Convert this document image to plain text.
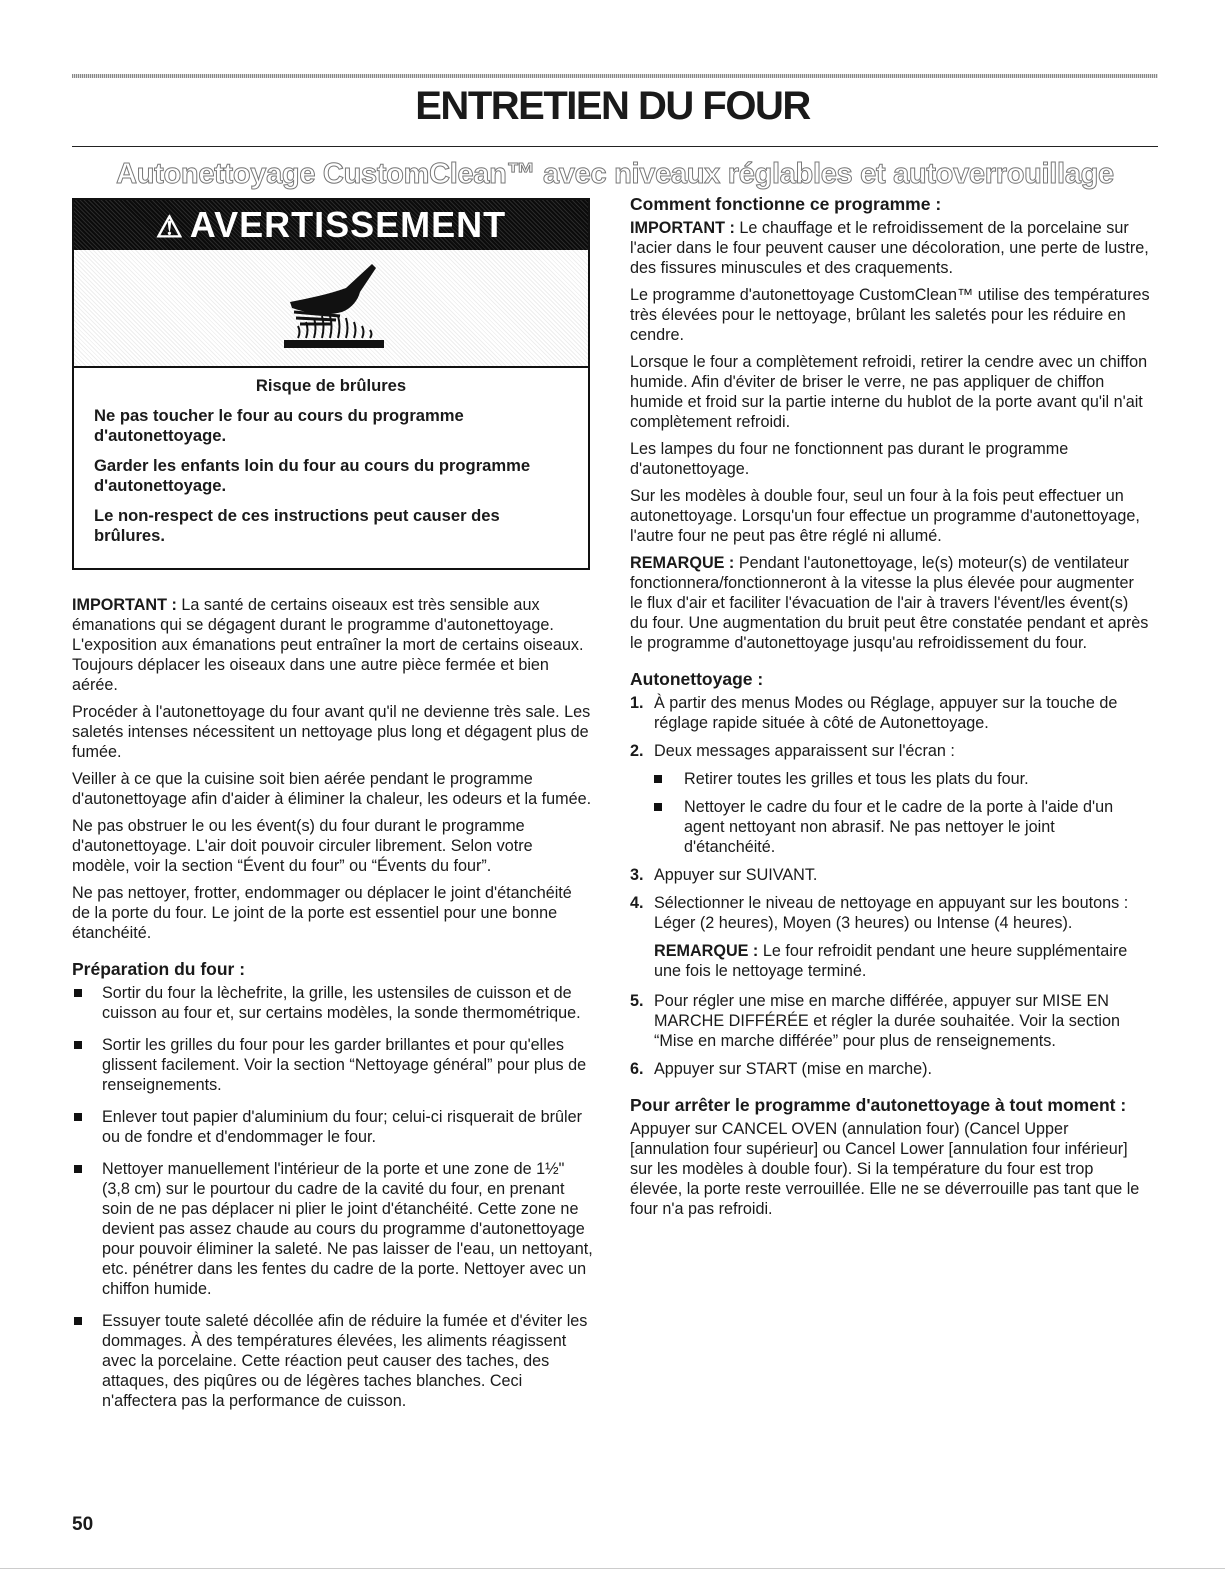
ENTRETIEN DU FOUR
Autonettoyage CustomClean™ avec niveaux réglables et autoverrouillage
⚠ AVERTISSEMENT

Risque de brûlures

Ne pas toucher le four au cours du programme d'autonettoyage.

Garder les enfants loin du four au cours du programme d'autonettoyage.

Le non-respect de ces instructions peut causer des brûlures.

IMPORTANT : La santé de certains oiseaux est très sensible aux émanations qui se dégagent durant le programme d'autonettoyage. L'exposition aux émanations peut entraîner la mort de certains oiseaux. Toujours déplacer les oiseaux dans une autre pièce fermée et bien aérée.

Procéder à l'autonettoyage du four avant qu'il ne devienne très sale. Les saletés intenses nécessitent un nettoyage plus long et dégagent plus de fumée.

Veiller à ce que la cuisine soit bien aérée pendant le programme d'autonettoyage afin d'aider à éliminer la chaleur, les odeurs et la fumée.

Ne pas obstruer le ou les évent(s) du four durant le programme d'autonettoyage. L'air doit pouvoir circuler librement. Selon votre modèle, voir la section “Évent du four” ou “Évents du four”.

Ne pas nettoyer, frotter, endommager ou déplacer le joint d'étanchéité de la porte du four. Le joint de la porte est essentiel pour une bonne étanchéité.

Préparation du four :
Sortir du four la lèchefrite, la grille, les ustensiles de cuisson et de cuisson au four et, sur certains modèles, la sonde thermométrique.
Sortir les grilles du four pour les garder brillantes et pour qu'elles glissent facilement. Voir la section “Nettoyage général” pour plus de renseignements.
Enlever tout papier d'aluminium du four; celui-ci risquerait de brûler ou de fondre et d'endommager le four.
Nettoyer manuellement l'intérieur de la porte et une zone de 1½" (3,8 cm) sur le pourtour du cadre de la cavité du four, en prenant soin de ne pas déplacer ni plier le joint d'étanchéité. Cette zone ne devient pas assez chaude au cours du programme d'autonettoyage pour pouvoir éliminer la saleté. Ne pas laisser de l'eau, un nettoyant, etc. pénétrer dans les fentes du cadre de la porte. Nettoyer avec un chiffon humide.
Essuyer toute saleté décollée afin de réduire la fumée et d'éviter les dommages. À des températures élevées, les aliments réagissent avec la porcelaine. Cette réaction peut causer des taches, des attaques, des piqûres ou de légères taches blanches. Ceci n'affectera pas la performance de cuisson.
Comment fonctionne ce programme :

IMPORTANT : Le chauffage et le refroidissement de la porcelaine sur l'acier dans le four peuvent causer une décoloration, une perte de lustre, des fissures minuscules et des craquements.

Le programme d'autonettoyage CustomClean™ utilise des températures très élevées pour le nettoyage, brûlant les saletés pour les réduire en cendre.

Lorsque le four a complètement refroidi, retirer la cendre avec un chiffon humide. Afin d'éviter de briser le verre, ne pas appliquer de chiffon humide et froid sur la partie interne du hublot de la porte avant qu'il n'ait complètement refroidi.

Les lampes du four ne fonctionnent pas durant le programme d'autonettoyage.

Sur les modèles à double four, seul un four à la fois peut effectuer un autonettoyage. Lorsqu'un four effectue un programme d'autonettoyage, l'autre four ne peut pas être réglé ni allumé.

REMARQUE : Pendant l'autonettoyage, le(s) moteur(s) de ventilateur fonctionnera/fonctionneront à la vitesse la plus élevée pour augmenter le flux d'air et faciliter l'évacuation de l'air à travers l'évent/les évent(s) du four. Une augmentation du bruit peut être constatée pendant et après le programme d'autonettoyage jusqu'au refroidissement du four.

Autonettoyage :
1. À partir des menus Modes ou Réglage, appuyer sur la touche de réglage rapide située à côté de Autonettoyage.
2. Deux messages apparaissent sur l'écran :
Retirer toutes les grilles et tous les plats du four.
Nettoyer le cadre du four et le cadre de la porte à l'aide d'un agent nettoyant non abrasif. Ne pas nettoyer le joint d'étanchéité.
3. Appuyer sur SUIVANT.
4. Sélectionner le niveau de nettoyage en appuyant sur les boutons :
Léger (2 heures), Moyen (3 heures) ou Intense (4 heures).
REMARQUE : Le four refroidit pendant une heure supplémentaire une fois le nettoyage terminé.
5. Pour régler une mise en marche différée, appuyer sur MISE EN MARCHE DIFFÉRÉE et régler la durée souhaitée. Voir la section “Mise en marche différée” pour plus de renseignements.
6. Appuyer sur START (mise en marche).
Pour arrêter le programme d'autonettoyage à tout moment :

Appuyer sur CANCEL OVEN (annulation four) (Cancel Upper [annulation four supérieur] ou Cancel Lower [annulation four inférieur] sur les modèles à double four). Si la température du four est trop élevée, la porte reste verrouillée. Elle ne se déverrouille pas tant que le four n'a pas refroidi.

50
